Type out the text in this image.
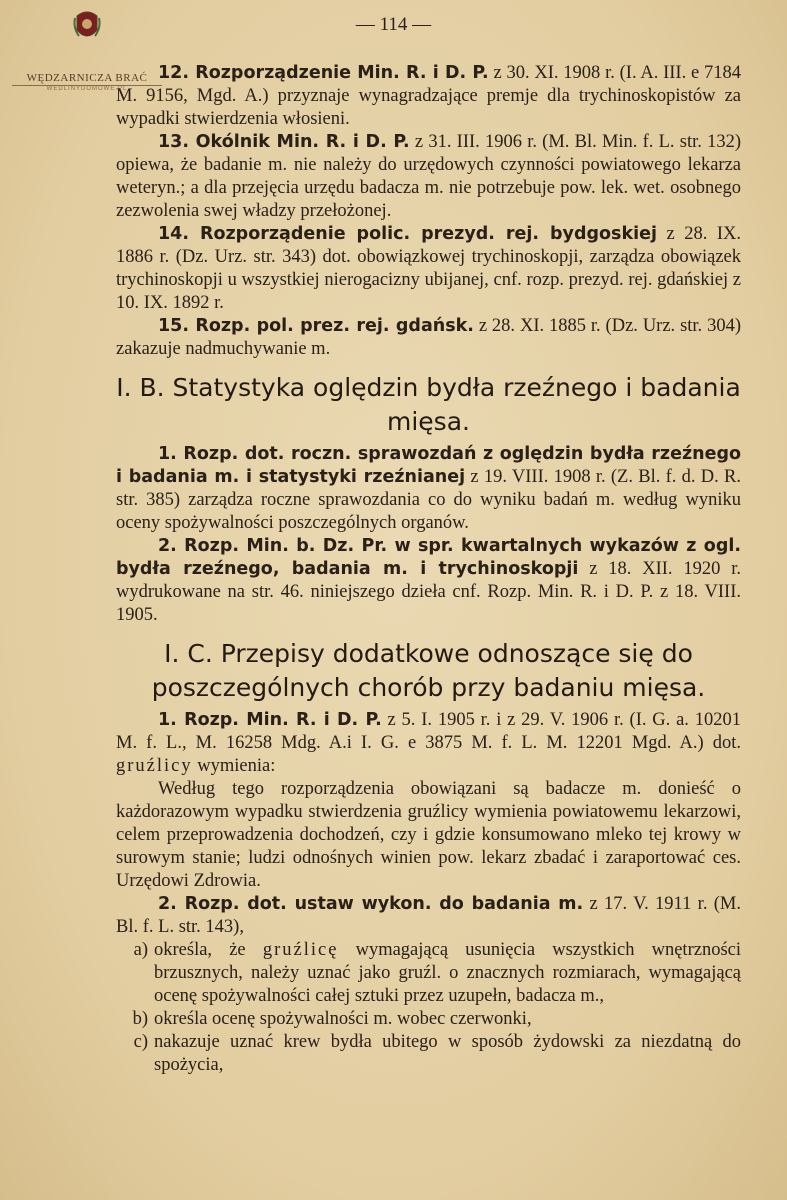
WĘDZARNICZA BRAĆ
WEDLINYDOMOWE.PL
— 114 —

12. Rozporządzenie Min. R. i D. P. z 30. XI. 1908 r. (I. A. III. e 7184 M. 9156, Mgd. A.) przyznaje wynagradzające premje dla trychinoskopistów za wypadki stwierdzenia włosieni.

13. Okólnik Min. R. i D. P. z 31. III. 1906 r. (M. Bl. Min. f. L. str. 132) opiewa, że badanie m. nie należy do urzędowych czynności powiatowego lekarza weteryn.; a dla przejęcia urzędu badacza m. nie potrzebuje pow. lek. wet. osobnego zezwolenia swej władzy przełożonej.

14. Rozporządenie polic. prezyd. rej. bydgoskiej z 28. IX. 1886 r. (Dz. Urz. str. 343) dot. obowiązkowej trychinoskopji, zarządza obowiązek trychinoskopji u wszystkiej nierogacizny ubijanej, cnf. rozp. prezyd. rej. gdańskiej z 10. IX. 1892 r.

15. Rozp. pol. prez. rej. gdańsk. z 28. XI. 1885 r. (Dz. Urz. str. 304) zakazuje nadmuchywanie m.

I. B. Statystyka oględzin bydła rzeźnego i badania mięsa.

1. Rozp. dot. roczn. sprawozdań z oględzin bydła rzeźnego i badania m. i statystyki rzeźnianej z 19. VIII. 1908 r. (Z. Bl. f. d. D. R. str. 385) zarządza roczne sprawozdania co do wyniku badań m. według wyniku oceny spożywalności poszczególnych organów.

2. Rozp. Min. b. Dz. Pr. w spr. kwartalnych wykazów z ogl. bydła rzeźnego, badania m. i trychinoskopji z 18. XII. 1920 r. wydrukowane na str. 46. niniejszego dzieła cnf. Rozp. Min. R. i D. P. z 18. VIII. 1905.

I. C. Przepisy dodatkowe odnoszące się do poszczególnych chorób przy badaniu mięsa.

1. Rozp. Min. R. i D. P. z 5. I. 1905 r. i z 29. V. 1906 r. (I. G. a. 10201 M. f. L., M. 16258 Mdg. A.i I. G. e 3875 M. f. L. M. 12201 Mgd. A.) dot. gruźlicy wymienia:

Według tego rozporządzenia obowiązani są badacze m. donieść o każdorazowym wypadku stwierdzenia gruźlicy wymienia powiatowemu lekarzowi, celem przeprowadzenia dochodzeń, czy i gdzie konsumowano mleko tej krowy w surowym stanie; ludzi odnośnych winien pow. lekarz zbadać i zaraportować ces. Urzędowi Zdrowia.

2. Rozp. dot. ustaw wykon. do badania m. z 17. V. 1911 r. (M. Bl. f. L. str. 143),

a) określa, że gruźlicę wymagającą usunięcia wszystkich wnętrzności brzusznych, należy uznać jako gruźl. o znacznych rozmiarach, wymagającą ocenę spożywalności całej sztuki przez uzupełn, badacza m.,
b) określa ocenę spożywalności m. wobec czerwonki,
c) nakazuje uznać krew bydła ubitego w sposób żydowski za niezdatną do spożycia,
